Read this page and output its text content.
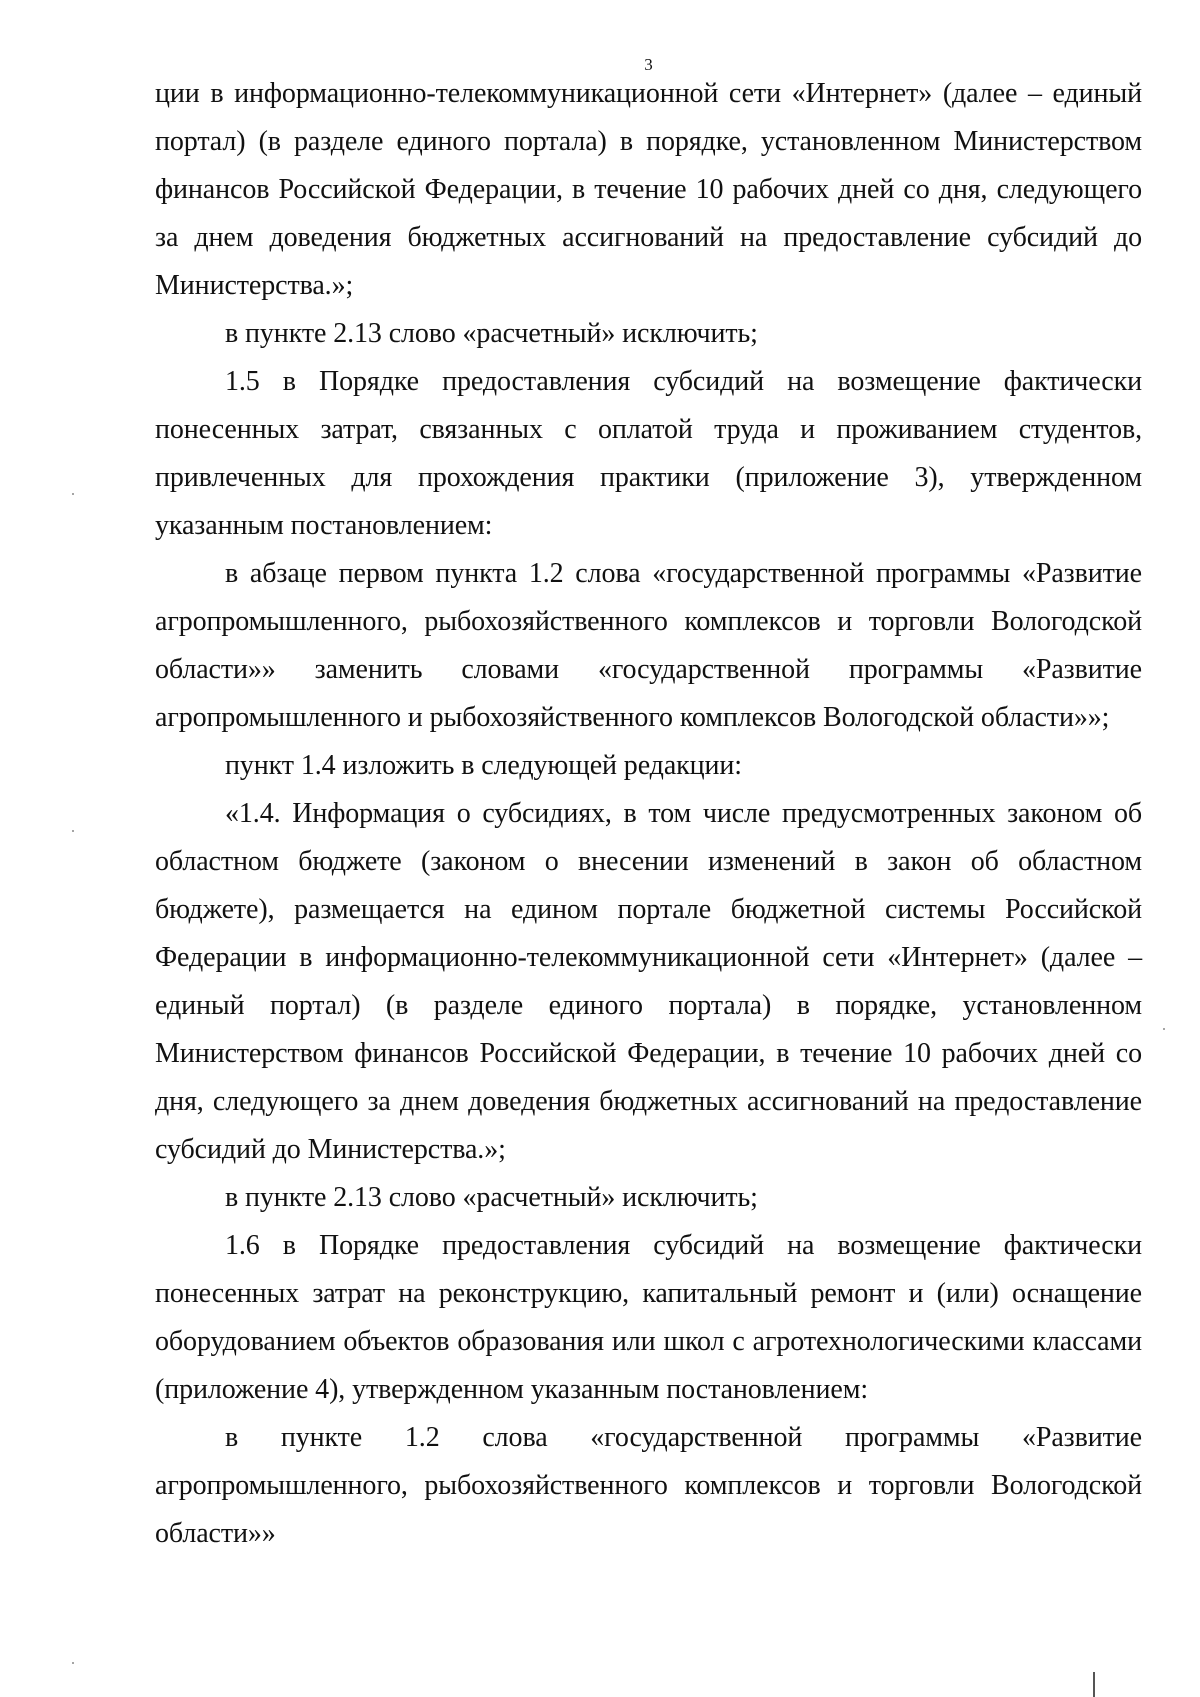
3

ции в информационно-телекоммуникационной сети «Интернет» (далее – единый портал) (в разделе единого портала) в порядке, установленном Министерством финансов Российской Федерации, в течение 10 рабочих дней со дня, следующего за днем доведения бюджетных ассигнований на предоставление субсидий до Министерства.»;

в пункте 2.13 слово «расчетный» исключить;

1.5 в Порядке предоставления субсидий на возмещение фактически понесенных затрат, связанных с оплатой труда и проживанием студентов, привлеченных для прохождения практики (приложение 3), утвержденном указанным постановлением:

в абзаце первом пункта 1.2 слова «государственной программы «Развитие агропромышленного, рыбохозяйственного комплексов и торговли Вологодской области»» заменить словами «государственной программы «Развитие агропромышленного и рыбохозяйственного комплексов Вологодской области»»;

пункт 1.4 изложить в следующей редакции:

«1.4. Информация о субсидиях, в том числе предусмотренных законом об областном бюджете (законом о внесении изменений в закон об областном бюджете), размещается на едином портале бюджетной системы Российской Федерации в информационно-телекоммуникационной сети «Интернет» (далее – единый портал) (в разделе единого портала) в порядке, установленном Министерством финансов Российской Федерации, в течение 10 рабочих дней со дня, следующего за днем доведения бюджетных ассигнований на предоставление субсидий до Министерства.»;

в пункте 2.13 слово «расчетный» исключить;

1.6 в Порядке предоставления субсидий на возмещение фактически понесенных затрат на реконструкцию, капитальный ремонт и (или) оснащение оборудованием объектов образования или школ с агротехнологическими классами (приложение 4), утвержденном указанным постановлением:

в пункте 1.2 слова «государственной программы «Развитие агропромышленного, рыбохозяйственного комплексов и торговли Вологодской области»»
